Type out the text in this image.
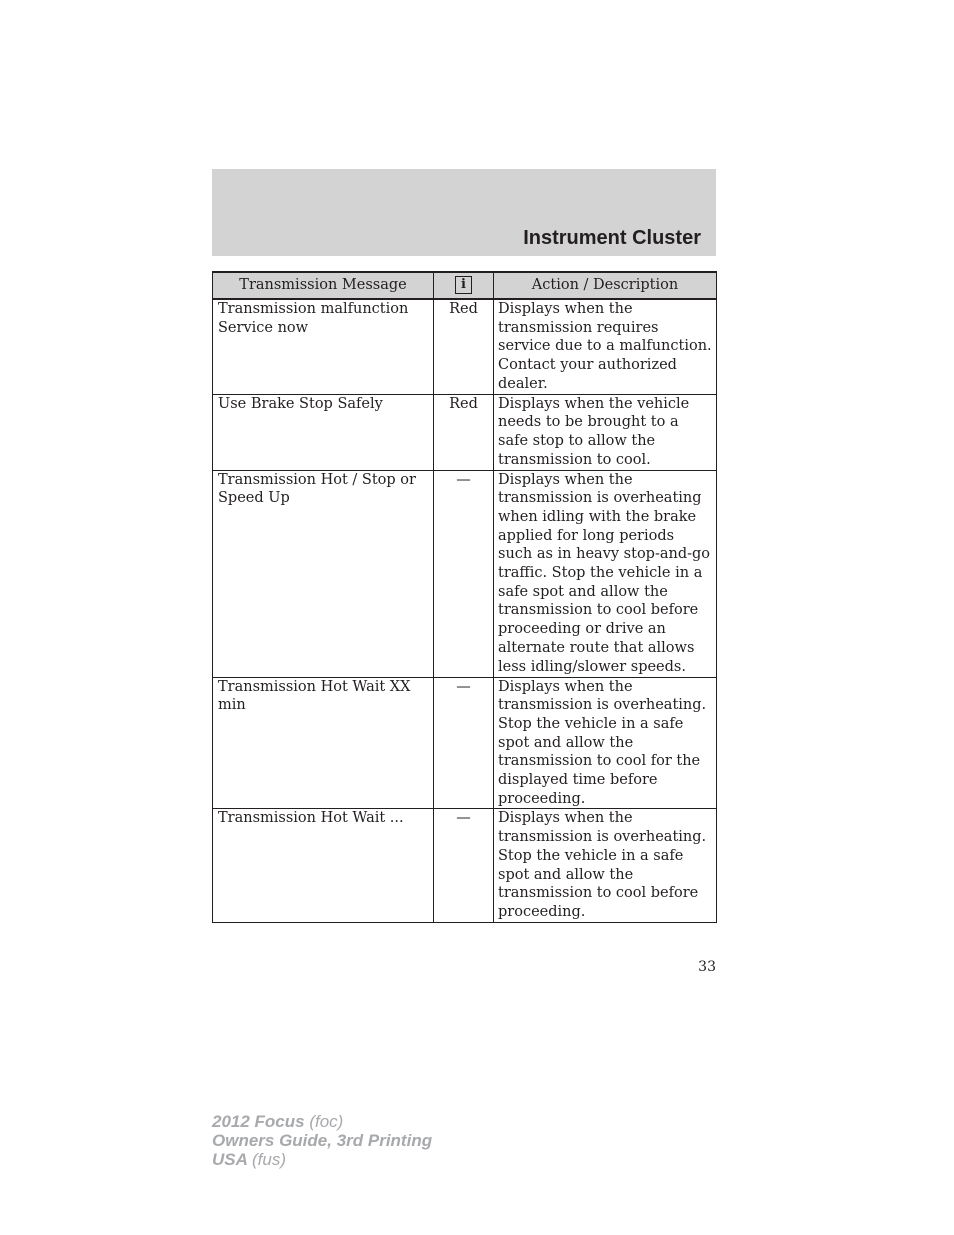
Instrument Cluster
Transmission Message	i	Action / Description
Transmission malfunction Service now	Red	Displays when the transmission requires service due to a malfunction. Contact your authorized dealer.
Use Brake Stop Safely	Red	Displays when the vehicle needs to be brought to a safe stop to allow the transmission to cool.
Transmission Hot / Stop or Speed Up	—	Displays when the transmission is overheating when idling with the brake applied for long periods such as in heavy stop-and-go traffic. Stop the vehicle in a safe spot and allow the transmission to cool before proceeding or drive an alternate route that allows less idling/slower speeds.
Transmission Hot Wait XX min	—	Displays when the transmission is overheating. Stop the vehicle in a safe spot and allow the transmission to cool for the displayed time before proceeding.
Transmission Hot Wait ...	—	Displays when the transmission is overheating. Stop the vehicle in a safe spot and allow the transmission to cool before proceeding.
33
2012 Focus (foc)
Owners Guide, 3rd Printing
USA (fus)
